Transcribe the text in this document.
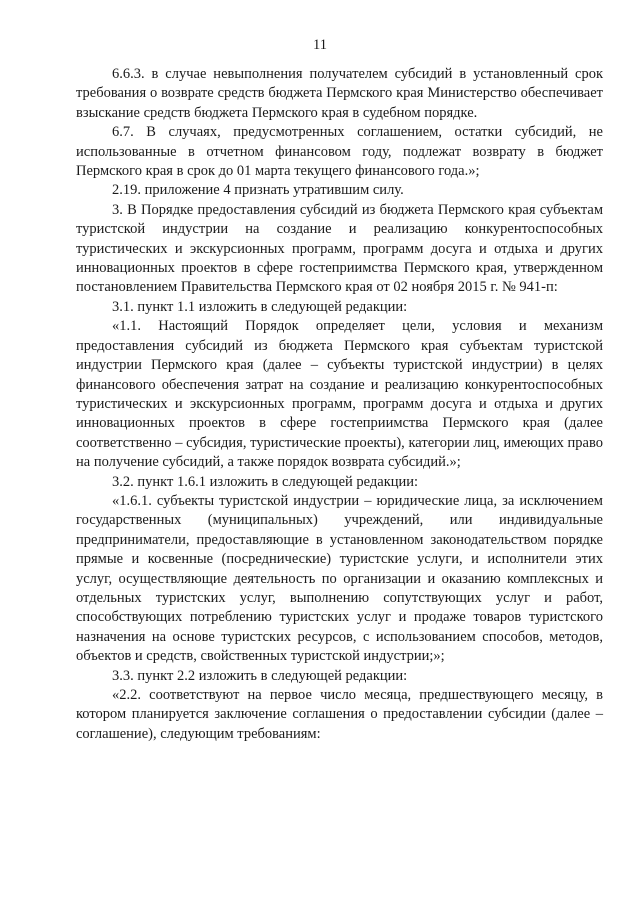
11

6.6.3. в случае невыполнения получателем субсидий в установленный срок требования о возврате средств бюджета Пермского края Министерство обеспечивает взыскание средств бюджета Пермского края в судебном порядке.

6.7. В случаях, предусмотренных соглашением, остатки субсидий, не использованные в отчетном финансовом году, подлежат возврату в бюджет Пермского края в срок до 01 марта текущего финансового года.»;

2.19. приложение 4 признать утратившим силу.

3. В Порядке предоставления субсидий из бюджета Пермского края субъектам туристской индустрии на создание и реализацию конкурентоспособных туристических и экскурсионных программ, программ досуга и отдыха и других инновационных проектов в сфере гостеприимства Пермского края, утвержденном постановлением Правительства Пермского края от 02 ноября 2015 г. № 941-п:

3.1. пункт 1.1 изложить в следующей редакции:

«1.1. Настоящий Порядок определяет цели, условия и механизм предоставления субсидий из бюджета Пермского края субъектам туристской индустрии Пермского края (далее – субъекты туристской индустрии) в целях финансового обеспечения затрат на создание и реализацию конкурентоспособных туристических и экскурсионных программ, программ досуга и отдыха и других инновационных проектов в сфере гостеприимства Пермского края (далее соответственно – субсидия, туристические проекты), категории лиц, имеющих право на получение субсидий, а также порядок возврата субсидий.»;

3.2. пункт 1.6.1 изложить в следующей редакции:

«1.6.1. субъекты туристской индустрии – юридические лица, за исключением государственных (муниципальных) учреждений, или индивидуальные предприниматели, предоставляющие в установленном законодательством порядке прямые и косвенные (посреднические) туристские услуги, и исполнители этих услуг, осуществляющие деятельность по организации и оказанию комплексных и отдельных туристских услуг, выполнению сопутствующих услуг и работ, способствующих потреблению туристских услуг и продаже товаров туристского назначения на основе туристских ресурсов, с использованием способов, методов, объектов и средств, свойственных туристской индустрии;»;

3.3. пункт 2.2 изложить в следующей редакции:

«2.2. соответствуют на первое число месяца, предшествующего месяцу, в котором планируется заключение соглашения о предоставлении субсидии (далее – соглашение), следующим требованиям:
